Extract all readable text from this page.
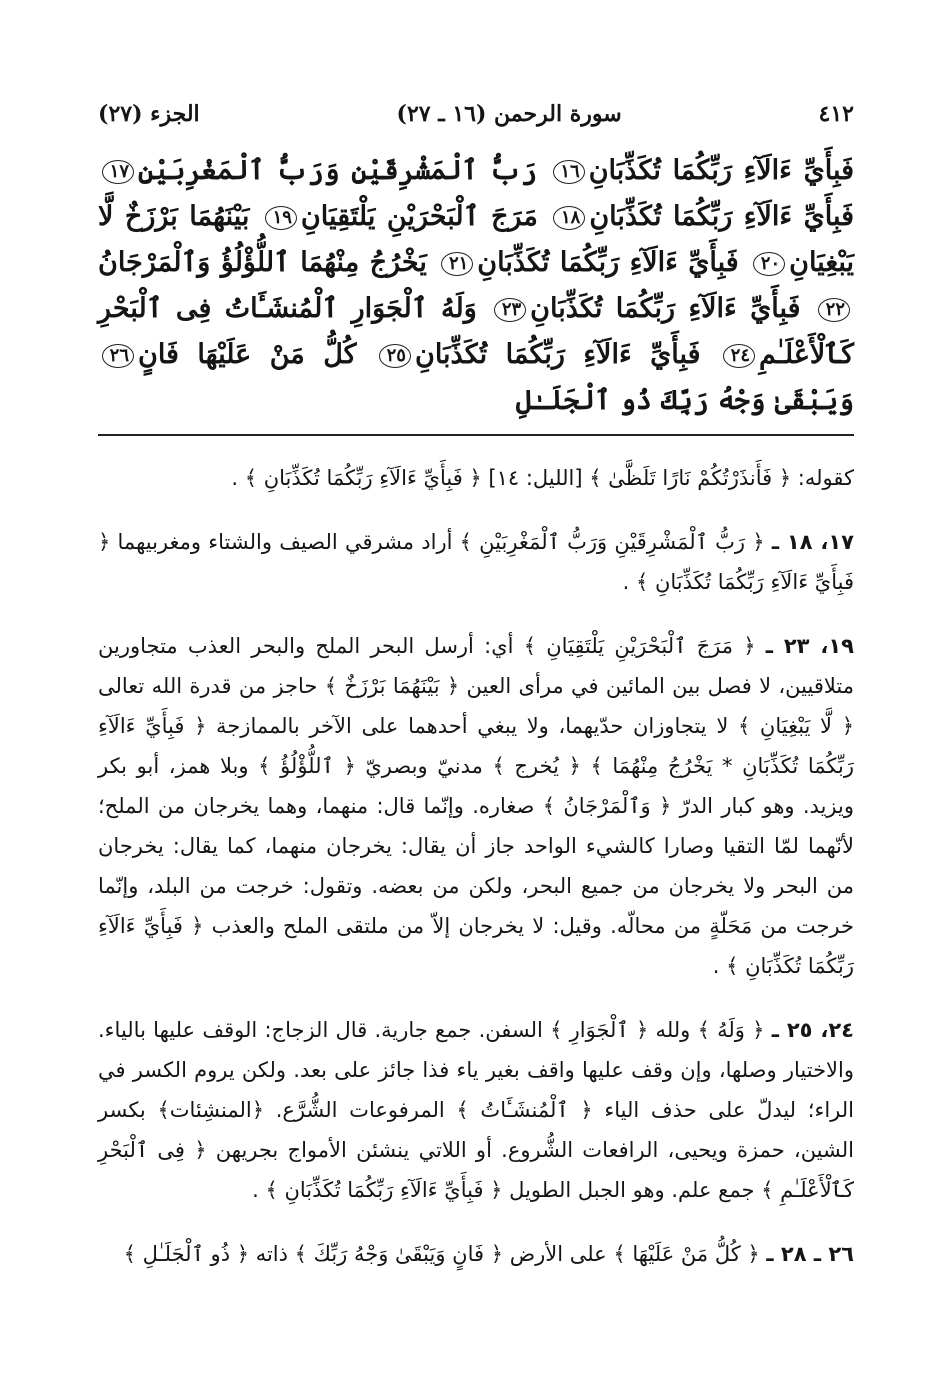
٤١٢
سورة الرحمن (١٦ ـ ٢٧)
الجزء (٢٧)
فَبِأَيِّ ءَالَآءِ رَبِّكُمَا تُكَذِّبَانِ١٦ رَبُّ ٱلْمَشْرِقَيْنِ وَرَبُّ ٱلْمَغْرِبَيْنِ١٧ فَبِأَيِّ ءَالَآءِ رَبِّكُمَا تُكَذِّبَانِ١٨ مَرَجَ ٱلْبَحْرَيْنِ يَلْتَقِيَانِ١٩ بَيْنَهُمَا بَرْزَخٌ لَّا يَبْغِيَانِ٢٠ فَبِأَيِّ ءَالَآءِ رَبِّكُمَا تُكَذِّبَانِ٢١ يَخْرُجُ مِنْهُمَا ٱللُّؤْلُؤُ وَٱلْمَرْجَانُ٢٢ فَبِأَيِّ ءَالَآءِ رَبِّكُمَا تُكَذِّبَانِ٢٣ وَلَهُ ٱلْجَوَارِ ٱلْمُنشَـَٔاتُ فِى ٱلْبَحْرِ كَٱلْأَعْلَـٰمِ٢٤ فَبِأَيِّ ءَالَآءِ رَبِّكُمَا تُكَذِّبَانِ٢٥ كُلُّ مَنْ عَلَيْهَا فَانٍ٢٦ وَيَبْقَىٰ وَجْهُ رَبِّكَ ذُو ٱلْجَلَـٰلِ
كقوله: ﴿ فَأَنذَرْتُكُمْ نَارًا تَلَظَّىٰ ﴾ [الليل: ١٤] ﴿ فَبِأَيِّ ءَالَآءِ رَبِّكُمَا تُكَذِّبَانِ ﴾ .
١٧، ١٨ ـ ﴿ رَبُّ ٱلْمَشْرِقَيْنِ وَرَبُّ ٱلْمَغْرِبَيْنِ ﴾ أراد مشرقي الصيف والشتاء ومغربيهما ﴿ فَبِأَيِّ ءَالَآءِ رَبِّكُمَا تُكَذِّبَانِ ﴾ .
١٩، ٢٣ ـ ﴿ مَرَجَ ٱلْبَحْرَيْنِ يَلْتَقِيَانِ ﴾ أي: أرسل البحر الملح والبحر العذب متجاورين متلاقيين، لا فصل بين المائين في مرأى العين ﴿ بَيْنَهُمَا بَرْزَخٌ ﴾ حاجز من قدرة الله تعالى ﴿ لَّا يَبْغِيَانِ ﴾ لا يتجاوزان حدّيهما، ولا يبغي أحدهما على الآخر بالممازجة ﴿ فَبِأَيِّ ءَالَآءِ رَبِّكُمَا تُكَذِّبَانِ * يَخْرُجُ مِنْهُمَا ﴾ ﴿ يُخرج ﴾ مدنيّ وبصريّ ﴿ ٱللُّؤْلُؤُ ﴾ وبلا همز، أبو بكر ويزيد. وهو كبار الدرّ ﴿ وَٱلْمَرْجَانُ ﴾ صغاره. وإنّما قال: منهما، وهما يخرجان من الملح؛ لأنّهما لمّا التقيا وصارا كالشيء الواحد جاز أن يقال: يخرجان منهما، كما يقال: يخرجان من البحر ولا يخرجان من جميع البحر، ولكن من بعضه. وتقول: خرجت من البلد، وإنّما خرجت من مَحَلّةٍ من محالّه. وقيل: لا يخرجان إلاّ من ملتقى الملح والعذب ﴿ فَبِأَيِّ ءَالَآءِ رَبِّكُمَا تُكَذِّبَانِ ﴾ .
٢٤، ٢٥ ـ ﴿ وَلَهُ ﴾ ولله ﴿ ٱلْجَوَارِ ﴾ السفن. جمع جارية. قال الزجاج: الوقف عليها بالياء. والاختيار وصلها، وإن وقف عليها واقف بغير ياء فذا جائز على بعد. ولكن يروم الكسر في الراء؛ ليدلّ على حذف الياء ﴿ ٱلْمُنشَـَٔاتُ ﴾ المرفوعات الشُّرَّع. ﴿المنشِئات﴾ بكسر الشين، حمزة ويحيى، الرافعات الشُّروع. أو اللاتي ينشئن الأمواج بجريهن ﴿ فِى ٱلْبَحْرِ كَٱلْأَعْلَـٰمِ ﴾ جمع علم. وهو الجبل الطويل ﴿ فَبِأَيِّ ءَالَآءِ رَبِّكُمَا تُكَذِّبَانِ ﴾ .
٢٦ ـ ٢٨ ـ ﴿ كُلُّ مَنْ عَلَيْهَا ﴾ على الأرض ﴿ فَانٍ وَيَبْقَىٰ وَجْهُ رَبِّكَ ﴾ ذاته ﴿ ذُو ٱلْجَلَـٰلِ ﴾
